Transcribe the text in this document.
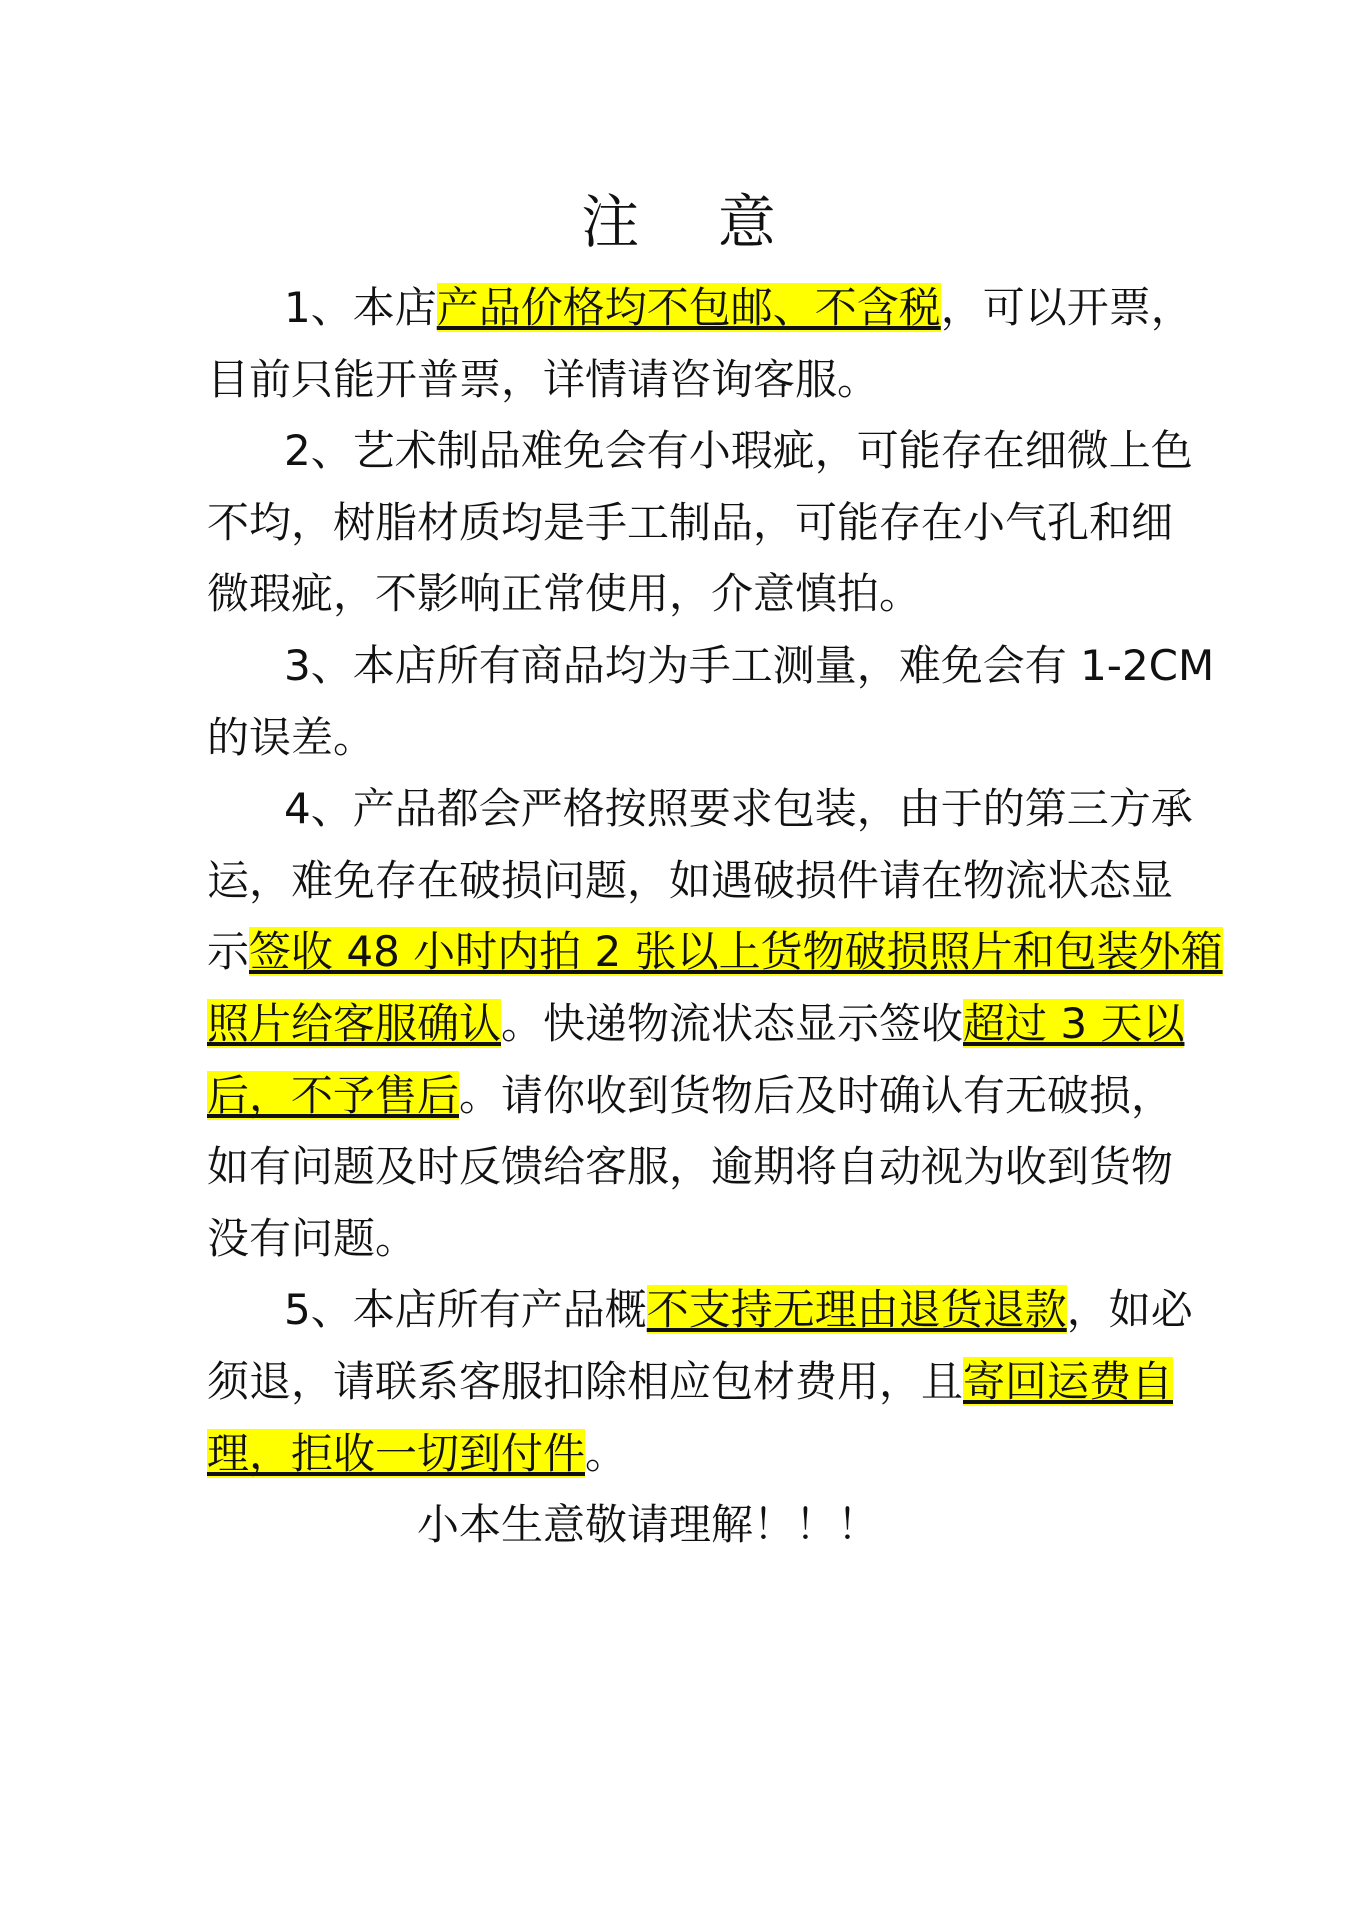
注 意
1、本店产品价格均不包邮、不含税，可以开票，
目前只能开普票，详情请咨询客服。
2、艺术制品难免会有小瑕疵，可能存在细微上色
不均，树脂材质均是手工制品，可能存在小气孔和细
微瑕疵，不影响正常使用，介意慎拍。
3、本店所有商品均为手工测量，难免会有 1-2CM
的误差。
4、产品都会严格按照要求包装，由于的第三方承
运，难免存在破损问题，如遇破损件请在物流状态显
示签收 48 小时内拍 2 张以上货物破损照片和包装外箱
照片给客服确认。快递物流状态显示签收超过 3 天以
后，不予售后。请你收到货物后及时确认有无破损，
如有问题及时反馈给客服，逾期将自动视为收到货物
没有问题。
5、本店所有产品概不支持无理由退货退款，如必
须退，请联系客服扣除相应包材费用，且寄回运费自
理，拒收一切到付件。
小本生意敬请理解！！！
